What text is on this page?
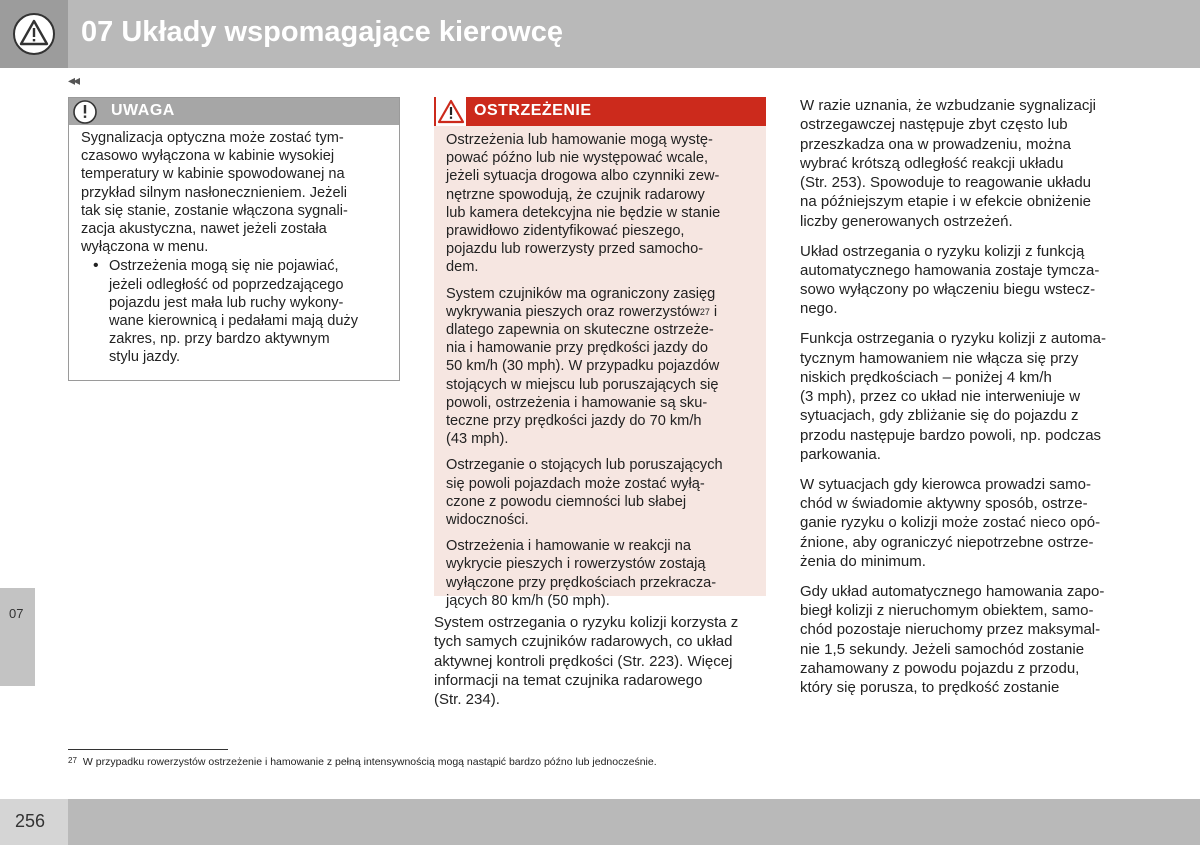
07 Układy wspomagające kierowcę
◂◂
UWAGA
Sygnalizacja optyczna może zostać tym-
czasowo wyłączona w kabinie wysokiej
temperatury w kabinie spowodowanej na
przykład silnym nasłonecznieniem. Jeżeli
tak się stanie, zostanie włączona sygnali-
zacja akustyczna, nawet jeżeli została
wyłączona w menu.
• Ostrzeżenia mogą się nie pojawiać,
jeżeli odległość od poprzedzającego
pojazdu jest mała lub ruchy wykony-
wane kierownicą i pedałami mają duży
zakres, np. przy bardzo aktywnym
stylu jazdy.
OSTRZEŻENIE

Ostrzeżenia lub hamowanie mogą wystę-
pować późno lub nie występować wcale,
jeżeli sytuacja drogowa albo czynniki zew-
nętrzne spowodują, że czujnik radarowy
lub kamera detekcyjna nie będzie w stanie
prawidłowo zidentyfikować pieszego,
pojazdu lub rowerzysty przed samocho-
dem.

System czujników ma ograniczony zasięg
wykrywania pieszych oraz rowerzystów$^{27}$ i
dlatego zapewnia on skuteczne ostrzeże-
nia i hamowanie przy prędkości jazdy do
50 km/h (30 mph). W przypadku pojazdów
stojących w miejscu lub poruszających się
powoli, ostrzeżenia i hamowanie są sku-
teczne przy prędkości jazdy do 70 km/h
(43 mph).

Ostrzeganie o stojących lub poruszających
się powoli pojazdach może zostać wyłą-
czone z powodu ciemności lub słabej
widoczności.

Ostrzeżenia i hamowanie w reakcji na
wykrycie pieszych i rowerzystów zostają
wyłączone przy prędkościach przekracza-
jących 80 km/h (50 mph).

System ostrzegania o ryzyku kolizji korzysta z
tych samych czujników radarowych, co układ
aktywnej kontroli prędkości (Str. 223). Więcej
informacji na temat czujnika radarowego
(Str. 234).

W razie uznania, że wzbudzanie sygnalizacji
ostrzegawczej następuje zbyt często lub
przeszkadza ona w prowadzeniu, można
wybrać krótszą odległość reakcji układu
(Str. 253). Spowoduje to reagowanie układu
na późniejszym etapie i w efekcie obniżenie
liczby generowanych ostrzeżeń.

Układ ostrzegania o ryzyku kolizji z funkcją
automatycznego hamowania zostaje tymcza-
sowo wyłączony po włączeniu biegu wstecz-
nego.

Funkcja ostrzegania o ryzyku kolizji z automa-
tycznym hamowaniem nie włącza się przy
niskich prędkościach – poniżej 4 km/h
(3 mph), przez co układ nie interweniuje w
sytuacjach, gdy zbliżanie się do pojazdu z
przodu następuje bardzo powoli, np. podczas
parkowania.

W sytuacjach gdy kierowca prowadzi samo-
chód w świadomie aktywny sposób, ostrze-
ganie ryzyku o kolizji może zostać nieco opó-
źnione, aby ograniczyć niepotrzebne ostrze-
żenia do minimum.

Gdy układ automatycznego hamowania zapo-
biegł kolizji z nieruchomym obiektem, samo-
chód pozostaje nieruchomy przez maksymal-
nie 1,5 sekundy. Jeżeli samochód zostanie
zahamowany z powodu pojazdu z przodu,
który się porusza, to prędkość zostanie

07
$^{27}$ W przypadku rowerzystów ostrzeżenie i hamowanie z pełną intensywnością mogą nastąpić bardzo późno lub jednocześnie.
256
